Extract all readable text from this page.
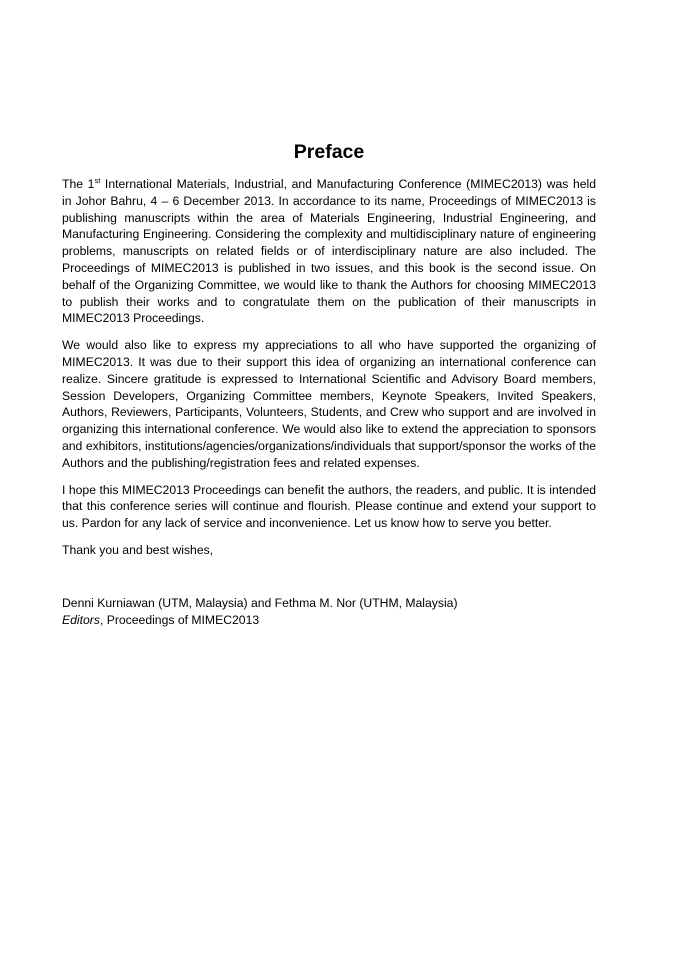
Preface

The 1st International Materials, Industrial, and Manufacturing Conference (MIMEC2013) was held in Johor Bahru, 4 – 6 December 2013. In accordance to its name, Proceedings of MIMEC2013 is publishing manuscripts within the area of Materials Engineering, Industrial Engineering, and Manufacturing Engineering. Considering the complexity and multidisciplinary nature of engineering problems, manuscripts on related fields or of interdisciplinary nature are also included. The Proceedings of MIMEC2013 is published in two issues, and this book is the second issue. On behalf of the Organizing Committee, we would like to thank the Authors for choosing MIMEC2013 to publish their works and to congratulate them on the publication of their manuscripts in MIMEC2013 Proceedings.

We would also like to express my appreciations to all who have supported the organizing of MIMEC2013. It was due to their support this idea of organizing an international conference can realize. Sincere gratitude is expressed to International Scientific and Advisory Board members, Session Developers, Organizing Committee members, Keynote Speakers, Invited Speakers, Authors, Reviewers, Participants, Volunteers, Students, and Crew who support and are involved in organizing this international conference. We would also like to extend the appreciation to sponsors and exhibitors, institutions/agencies/organizations/individuals that support/sponsor the works of the Authors and the publishing/registration fees and related expenses.

I hope this MIMEC2013 Proceedings can benefit the authors, the readers, and public. It is intended that this conference series will continue and flourish. Please continue and extend your support to us. Pardon for any lack of service and inconvenience. Let us know how to serve you better.

Thank you and best wishes,

Denni Kurniawan (UTM, Malaysia) and Fethma M. Nor (UTHM, Malaysia)
Editors, Proceedings of MIMEC2013
